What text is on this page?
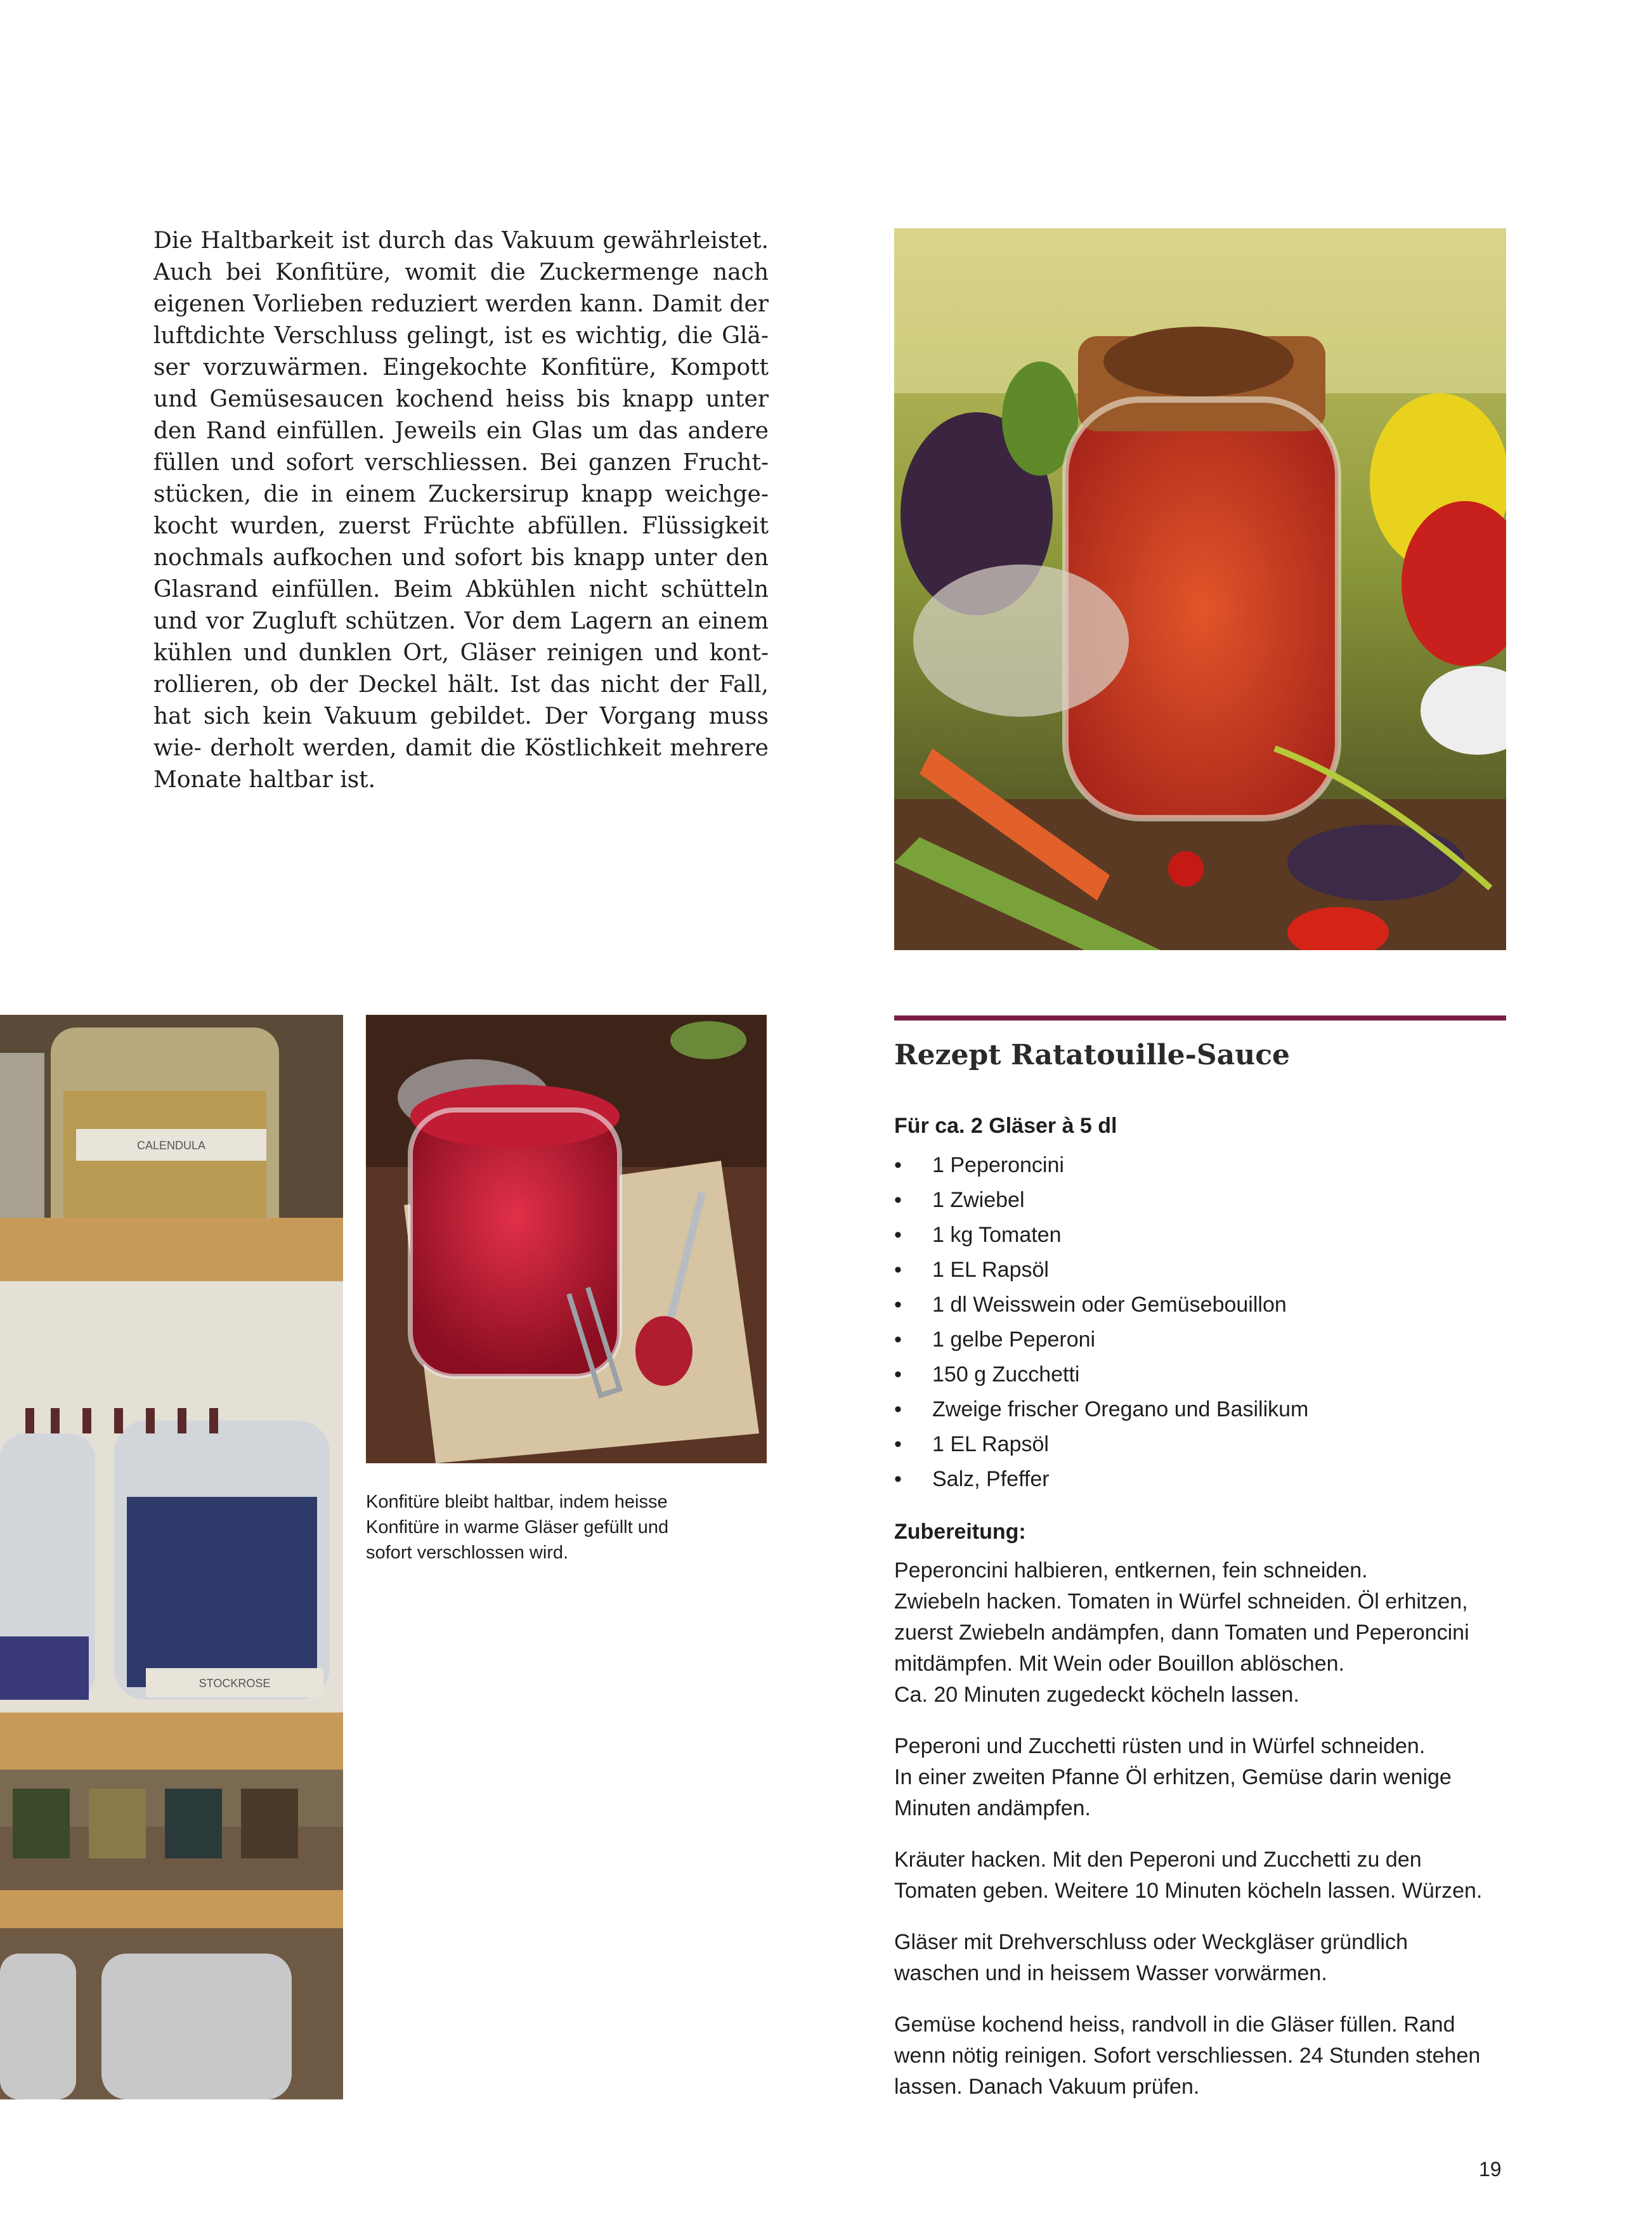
Die Haltbarkeit ist durch das Vakuum gewährleistet. Auch bei Konfitüre, womit die Zuckermenge nach eigenen Vorlieben reduziert werden kann. Damit der luftdichte Verschluss gelingt, ist es wichtig, die Glä- ser vorzuwärmen. Eingekochte Konfitüre, Kompott und Gemüsesaucen kochend heiss bis knapp unter den Rand einfüllen. Jeweils ein Glas um das andere füllen und sofort verschliessen. Bei ganzen Frucht- stücken, die in einem Zuckersirup knapp weichge- kocht wurden, zuerst Früchte abfüllen. Flüssigkeit nochmals aufkochen und sofort bis knapp unter den Glasrand einfüllen. Beim Abkühlen nicht schütteln und vor Zugluft schützen. Vor dem Lagern an einem kühlen und dunklen Ort, Gläser reinigen und kont- rollieren, ob der Deckel hält. Ist das nicht der Fall, hat sich kein Vakuum gebildet. Der Vorgang muss wie- derholt werden, damit die Köstlichkeit mehrere Monate haltbar ist.

CALENDULA
STOCKROSE

Konfitüre bleibt haltbar, indem heisse
Konfitüre in warme Gläser gefüllt und
sofort verschlossen wird.

Rezept Ratatouille-Sauce

Für ca. 2 Gläser à 5 dl

• 1 Peperoncini
• 1 Zwiebel
• 1 kg Tomaten
• 1 EL Rapsöl
• 1 dl Weisswein oder Gemüsebouillon
• 1 gelbe Peperoni
• 150 g Zucchetti
• Zweige frischer Oregano und Basilikum
• 1 EL Rapsöl
• Salz, Pfeffer

Zubereitung:

Peperoncini halbieren, entkernen, fein schneiden.
Zwiebeln hacken. Tomaten in Würfel schneiden. Öl erhitzen,
zuerst Zwiebeln andämpfen, dann Tomaten und Peperoncini
mitdämpfen. Mit Wein oder Bouillon ablöschen.
Ca. 20 Minuten zugedeckt köcheln lassen.

Peperoni und Zucchetti rüsten und in Würfel schneiden.
In einer zweiten Pfanne Öl erhitzen, Gemüse darin wenige
Minuten andämpfen.

Kräuter hacken. Mit den Peperoni und Zucchetti zu den
Tomaten geben. Weitere 10 Minuten köcheln lassen. Würzen.

Gläser mit Drehverschluss oder Weckgläser gründlich
waschen und in heissem Wasser vorwärmen.

Gemüse kochend heiss, randvoll in die Gläser füllen. Rand
wenn nötig reinigen. Sofort verschliessen. 24 Stunden stehen
lassen. Danach Vakuum prüfen.

19
